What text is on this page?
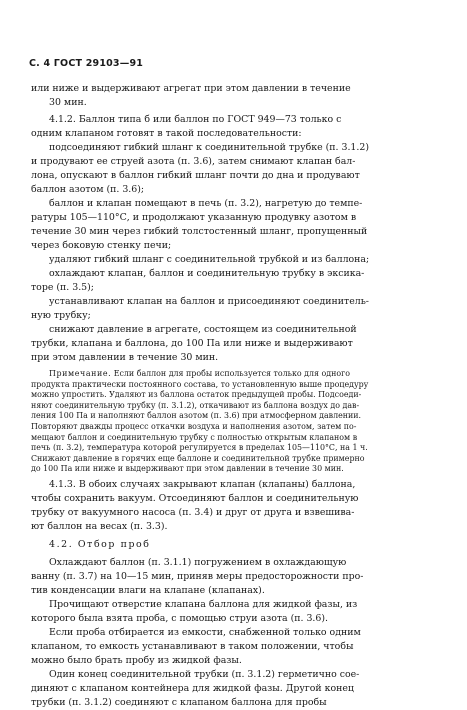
С. 4 ГОСТ 29103—91
или ниже и выдерживают агрегат при этом давлении в течение
30 мин.
4.1.2. Баллон типа б или баллон по ГОСТ 949—73 только с
одним клапаном готовят в такой последовательности:
подсоединяют гибкий шланг к соединительной трубке (п. 3.1.2)
и продувают ее струей азота (п. 3.6), затем снимают клапан бал-
лона, опускают в баллон гибкий шланг почти до дна и продувают
баллон азотом (п. 3.6);
баллон и клапан помещают в печь (п. 3.2), нагретую до темпе-
ратуры 105—110°С, и продолжают указанную продувку азотом в
течение 30 мин через гибкий толстостенный шланг, пропущенный
через боковую стенку печи;
удаляют гибкий шланг с соединительной трубкой и из баллона;
охлаждают клапан, баллон и соединительную трубку в эксика-
торе (п. 3.5);
устанавливают клапан на баллон и присоединяют соединитель-
ную трубку;
снижают давление в агрегате, состоящем из соединительной
трубки, клапана и баллона, до 100 Па или ниже и выдерживают
при этом давлении в течение 30 мин.
Примечание. Если баллон для пробы используется только для одного
продукта практически постоянного состава, то установленную выше процедуру
можно упростить. Удаляют из баллона остаток предыдущей пробы. Подсоеди-
няют соединительную трубку (п. 3.1.2), откачивают из баллона воздух до дав-
ления 100 Па и наполняют баллон азотом (п. 3.6) при атмосферном давлении.
Повторяют дважды процесс откачки воздуха и наполнения азотом, затем по-
мещают баллон и соединительную трубку с полностью открытым клапаном в
печь (п. 3.2), температура которой регулируется в пределах 105—110°С, на 1 ч.
Снижают давление в горячих еще баллоне и соединительной трубке примерно
до 100 Па или ниже и выдерживают при этом давлении в течение 30 мин.
4.1.3. В обоих случаях закрывают клапан (клапаны) баллона,
чтобы сохранить вакуум. Отсоединяют баллон и соединительную
трубку от вакуумного насоса (п. 3.4) и друг от друга и взвешива-
ют баллон на весах (п. 3.3).
4.2. Отбор проб
Охлаждают баллон (п. 3.1.1) погружением в охлаждающую
ванну (п. 3.7) на 10—15 мин, приняв меры предосторожности про-
тив конденсации влаги на клапане (клапанах).
Прочищают отверстие клапана баллона для жидкой фазы, из
которого была взята проба, с помощью струи азота (п. 3.6).
Если проба отбирается из емкости, снабженной только одним
клапаном, то емкость устанавливают в таком положении, чтобы
можно было брать пробу из жидкой фазы.
Один конец соединительной трубки (п. 3.1.2) герметично сое-
диняют с клапаном контейнера для жидкой фазы. Другой конец
трубки (п. 3.1.2) соединяют с клапаном баллона для пробы
